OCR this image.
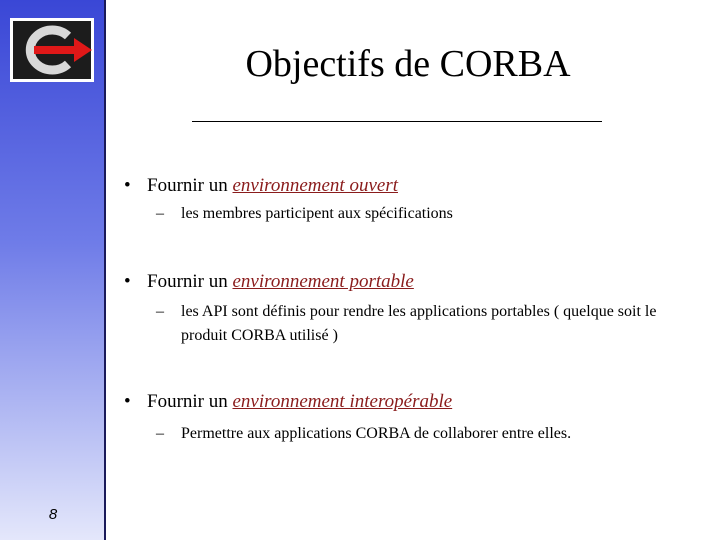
Objectifs de CORBA
• Fournir un environnement ouvert
– les membres participent aux spécifications
• Fournir un environnement portable
– les API sont définis pour rendre les applications portables ( quelque soit le produit CORBA utilisé )
• Fournir un environnement interopérable
– Permettre aux applications CORBA de collaborer entre elles.
8
